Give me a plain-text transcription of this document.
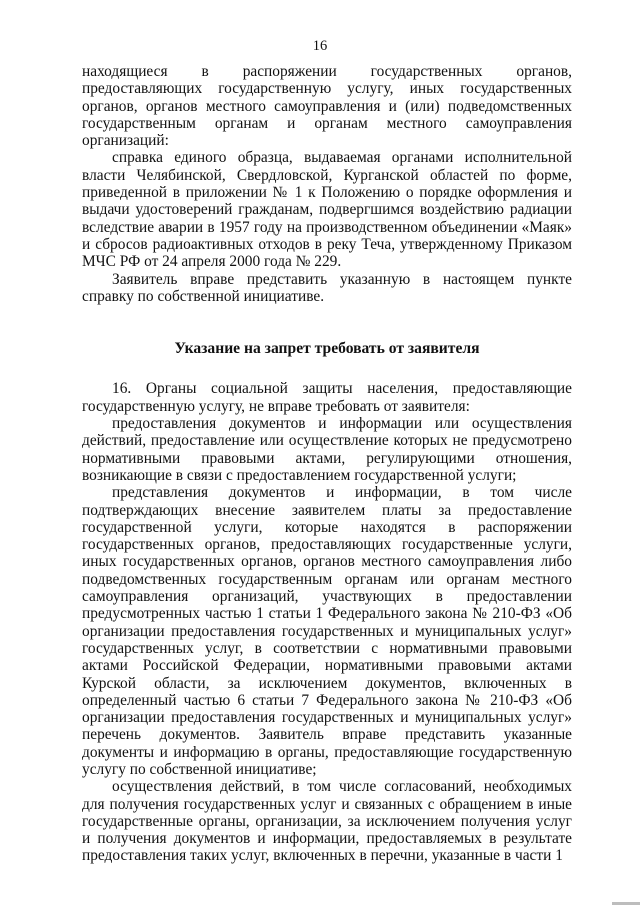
16

находящиеся в распоряжении государственных органов, предоставляющих государственную услугу, иных государственных органов, органов местного самоуправления и (или) подведомственных государственным органам и органам местного самоуправления организаций:

справка единого образца, выдаваемая органами исполнительной власти Челябинской, Свердловской, Курганской областей по форме, приведенной в приложении № 1 к Положению о порядке оформления и выдачи удостоверений гражданам, подвергшимся воздействию радиации вследствие аварии в 1957 году на производственном объединении «Маяк» и сбросов радиоактивных отходов в реку Теча, утвержденному Приказом МЧС РФ от 24 апреля 2000 года № 229.

Заявитель вправе представить указанную в настоящем пункте справку по собственной инициативе.

Указание на запрет требовать от заявителя

16. Органы социальной защиты населения, предоставляющие государственную услугу, не вправе требовать от заявителя:

предоставления документов и информации или осуществления действий, предоставление или осуществление которых не предусмотрено нормативными правовыми актами, регулирующими отношения, возникающие в связи с предоставлением государственной услуги;

представления документов и информации, в том числе подтверждающих внесение заявителем платы за предоставление государственной услуги, которые находятся в распоряжении государственных органов, предоставляющих государственные услуги, иных государственных органов, органов местного самоуправления либо подведомственных государственным органам или органам местного самоуправления организаций, участвующих в предоставлении предусмотренных частью 1 статьи 1 Федерального закона № 210-ФЗ «Об организации предоставления государственных и муниципальных услуг» государственных услуг, в соответствии с нормативными правовыми актами Российской Федерации, нормативными правовыми актами Курской области, за исключением документов, включенных в определенный частью 6 статьи 7 Федерального закона № 210-ФЗ «Об организации предоставления государственных и муниципальных услуг» перечень документов. Заявитель вправе представить указанные документы и информацию в органы, предоставляющие государственную услугу по собственной инициативе;

осуществления действий, в том числе согласований, необходимых для получения государственных услуг и связанных с обращением в иные государственные органы, организации, за исключением получения услуг и получения документов и информации, предоставляемых в результате предоставления таких услуг, включенных в перечни, указанные в части 1
